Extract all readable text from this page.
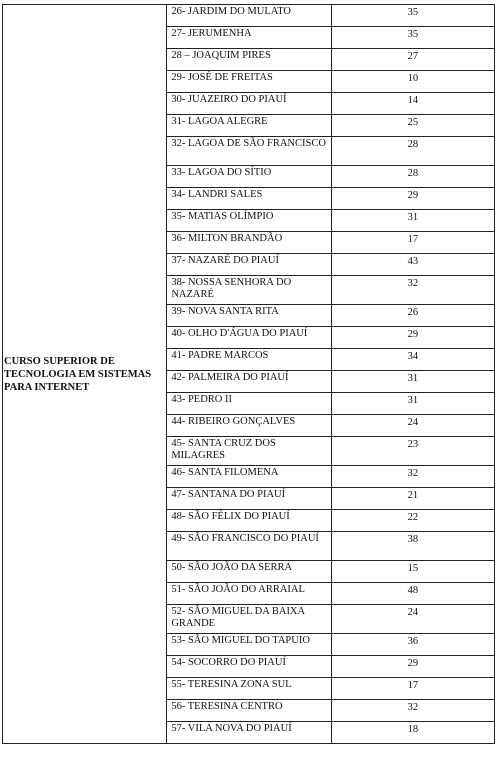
CURSO SUPERIOR DE
TECNOLOGIA EM SISTEMAS
PARA INTERNET	26- JARDIM DO MULATO	35
	27- JERUMENHA	35
	28 – JOAQUIM PIRES	27
	29- JOSÉ DE FREITAS	10
	30- JUAZEIRO DO PIAUÍ	14
	31- LAGOA ALEGRE	25
	32- LAGOA DE SÃO FRANCISCO	28
	33- LAGOA DO SÍTIO	28
	34- LANDRI SALES	29
	35- MATIAS OLÍMPIO	31
	36- MILTON BRANDÃO	17
	37- NAZARÉ DO PIAUÍ	43
	38- NOSSA SENHORA DO NAZARÉ	32
	39- NOVA SANTA RITA	26
	40- OLHO D'ÁGUA DO PIAUÍ	29
	41- PADRE MARCOS	34
	42- PALMEIRA DO PIAUÍ	31
	43- PEDRO II	31
	44- RIBEIRO GONÇALVES	24
	45- SANTA CRUZ DOS MILAGRES	23
	46- SANTA FILOMENA	32
	47- SANTANA DO PIAUÍ	21
	48- SÃO FÉLIX DO PIAUÍ	22
	49- SÃO FRANCISCO DO PIAUÍ	38
	50- SÃO JOÃO DA SERRA	15
	51- SÃO JOÃO DO ARRAIAL	48
	52- SÃO MIGUEL DA BAIXA GRANDE	24
	53- SÃO MIGUEL DO TAPUIO	36
	54- SOCORRO DO PIAUÍ	29
	55- TERESINA ZONA SUL	17
	56- TERESINA CENTRO	32
	57- VILA NOVA DO PIAUÍ	18
